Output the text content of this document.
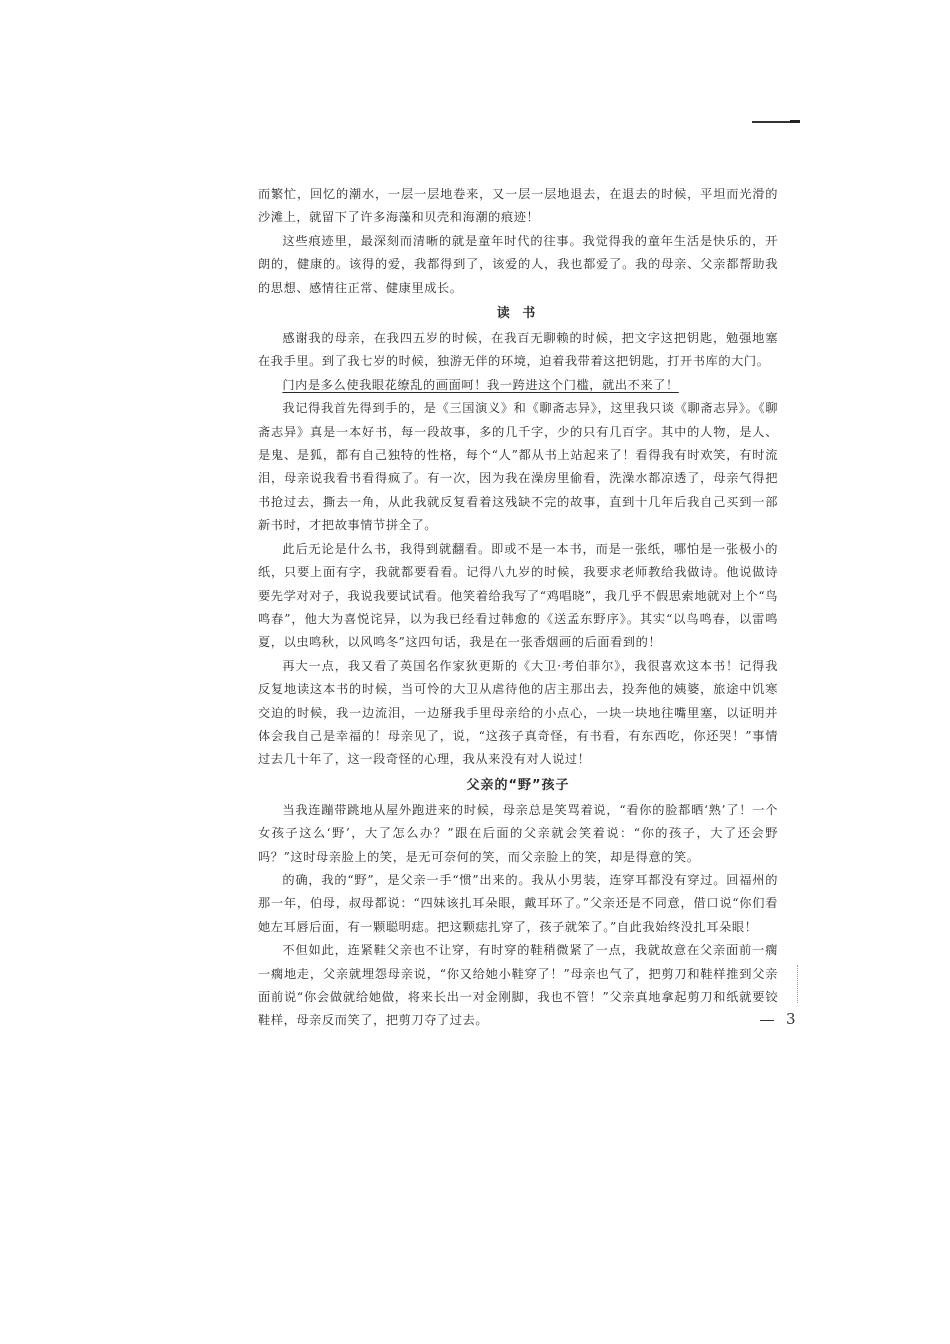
而繁忙，回忆的潮水，一层一层地卷来，又一层一层地退去，在退去的时候，平坦而光滑的沙滩上，就留下了许多海藻和贝壳和海潮的痕迹！

这些痕迹里，最深刻而清晰的就是童年时代的往事。我觉得我的童年生活是快乐的，开朗的，健康的。该得的爱，我都得到了，该爱的人，我也都爱了。我的母亲、父亲都帮助我的思想、感情往正常、健康里成长。

读 书

感谢我的母亲，在我四五岁的时候，在我百无聊赖的时候，把文字这把钥匙，勉强地塞在我手里。到了我七岁的时候，独游无伴的环境，迫着我带着这把钥匙，打开书库的大门。

门内是多么使我眼花缭乱的画面呵！我一跨进这个门槛，就出不来了！

我记得我首先得到手的，是《三国演义》和《聊斋志异》，这里我只谈《聊斋志异》。《聊斋志异》真是一本好书，每一段故事，多的几千字，少的只有几百字。其中的人物，是人、是鬼、是狐，都有自己独特的性格，每个“人”都从书上站起来了！看得我有时欢笑，有时流泪，母亲说我看书看得疯了。有一次，因为我在澡房里偷看，洗澡水都凉透了，母亲气得把书抢过去，撕去一角，从此我就反复看着这残缺不完的故事，直到十几年后我自己买到一部新书时，才把故事情节拼全了。

此后无论是什么书，我得到就翻看。即或不是一本书，而是一张纸，哪怕是一张极小的纸，只要上面有字，我就都要看看。记得八九岁的时候，我要求老师教给我做诗。他说做诗要先学对对子，我说我要试试看。他笑着给我写了“鸡唱晓”，我几乎不假思索地就对上个“鸟鸣春”，他大为喜悦诧异，以为我已经看过韩愈的《送孟东野序》。其实“以鸟鸣春，以雷鸣夏，以虫鸣秋，以风鸣冬”这四句话，我是在一张香烟画的后面看到的！

再大一点，我又看了英国名作家狄更斯的《大卫·考伯菲尔》，我很喜欢这本书！记得我反复地读这本书的时候，当可怜的大卫从虐待他的店主那出去，投奔他的姨婆，旅途中饥寒交迫的时候，我一边流泪，一边掰我手里母亲给的小点心，一块一块地往嘴里塞，以证明并体会我自己是幸福的！母亲见了，说，“这孩子真奇怪，有书看，有东西吃，你还哭！”事情过去几十年了，这一段奇怪的心理，我从来没有对人说过！

父亲的“野”孩子

当我连蹦带跳地从屋外跑进来的时候，母亲总是笑骂着说，“看你的脸都晒‘熟’了！一个女孩子这么‘野’，大了怎么办？”跟在后面的父亲就会笑着说：“你的孩子，大了还会野吗？”这时母亲脸上的笑，是无可奈何的笑，而父亲脸上的笑，却是得意的笑。

的确，我的“野”，是父亲一手“惯”出来的。我从小男装，连穿耳都没有穿过。回福州的那一年，伯母，叔母都说：“四妹该扎耳朵眼，戴耳环了。”父亲还是不同意，借口说“你们看她左耳唇后面，有一颗聪明痣。把这颗痣扎穿了，孩子就笨了。”自此我始终没扎耳朵眼！

不但如此，连紧鞋父亲也不让穿，有时穿的鞋稍微紧了一点，我就故意在父亲面前一瘸一瘸地走，父亲就埋怨母亲说，“你又给她小鞋穿了！”母亲也气了，把剪刀和鞋样推到父亲面前说“你会做就给她做，将来长出一对金刚脚，我也不管！”父亲真地拿起剪刀和纸就要铰鞋样，母亲反而笑了，把剪刀夺了过去。	3
